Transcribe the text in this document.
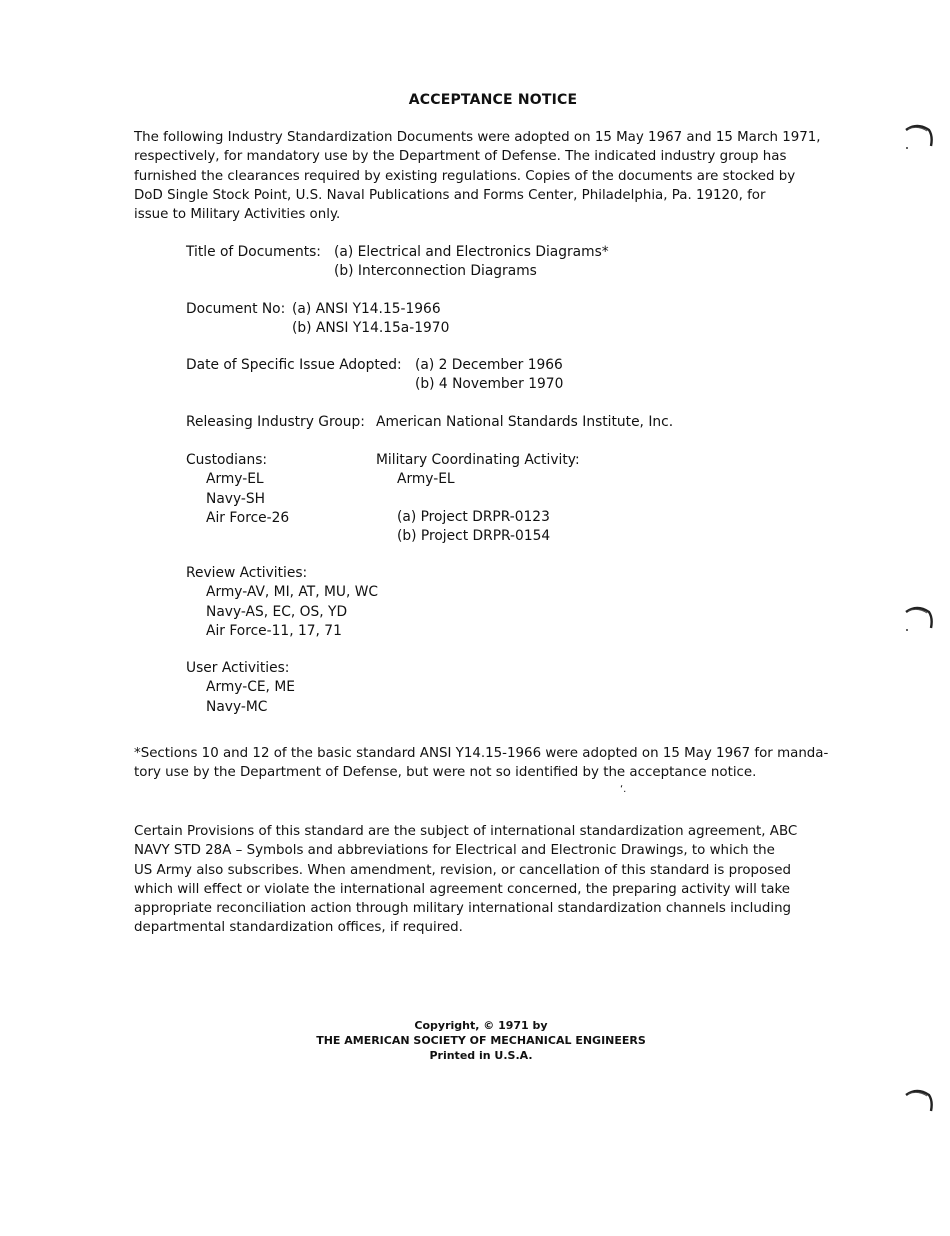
ACCEPTANCE NOTICE
The following Industry Standardization Documents were adopted on 15 May 1967 and 15 March 1971,
respectively, for mandatory use by the Department of Defense. The indicated industry group has
furnished the clearances required by existing regulations. Copies of the documents are stocked by
DoD Single Stock Point, U.S. Naval Publications and Forms Center, Philadelphia, Pa. 19120, for
issue to Military Activities only.
Title of Documents: (a) Electrical and Electronics Diagrams*
(b) Interconnection Diagrams
Document No: (a) ANSI Y14.15-1966
(b) ANSI Y14.15a-1970
Date of Specific Issue Adopted: (a) 2 December 1966
(b) 4 November 1970
Releasing Industry Group: American National Standards Institute, Inc.
Custodians:
Army-EL
Navy-SH
Air Force-26
Military Coordinating Activity:
Army-EL
(a) Project DRPR-0123
(b) Project DRPR-0154
Review Activities:
Army-AV, MI, AT, MU, WC
Navy-AS, EC, OS, YD
Air Force-11, 17, 71
User Activities:
Army-CE, ME
Navy-MC
*Sections 10 and 12 of the basic standard ANSI Y14.15-1966 were adopted on 15 May 1967 for manda-
tory use by the Department of Defense, but were not so identified by the acceptance notice.
‘.
Certain Provisions of this standard are the subject of international standardization agreement, ABC
NAVY STD 28A – Symbols and abbreviations for Electrical and Electronic Drawings, to which the
US Army also subscribes. When amendment, revision, or cancellation of this standard is proposed
which will effect or violate the international agreement concerned, the preparing activity will take
appropriate reconciliation action through military international standardization channels including
departmental standardization offices, if required.
Copyright, © 1971 by
THE AMERICAN SOCIETY OF MECHANICAL ENGINEERS
Printed in U.S.A.
